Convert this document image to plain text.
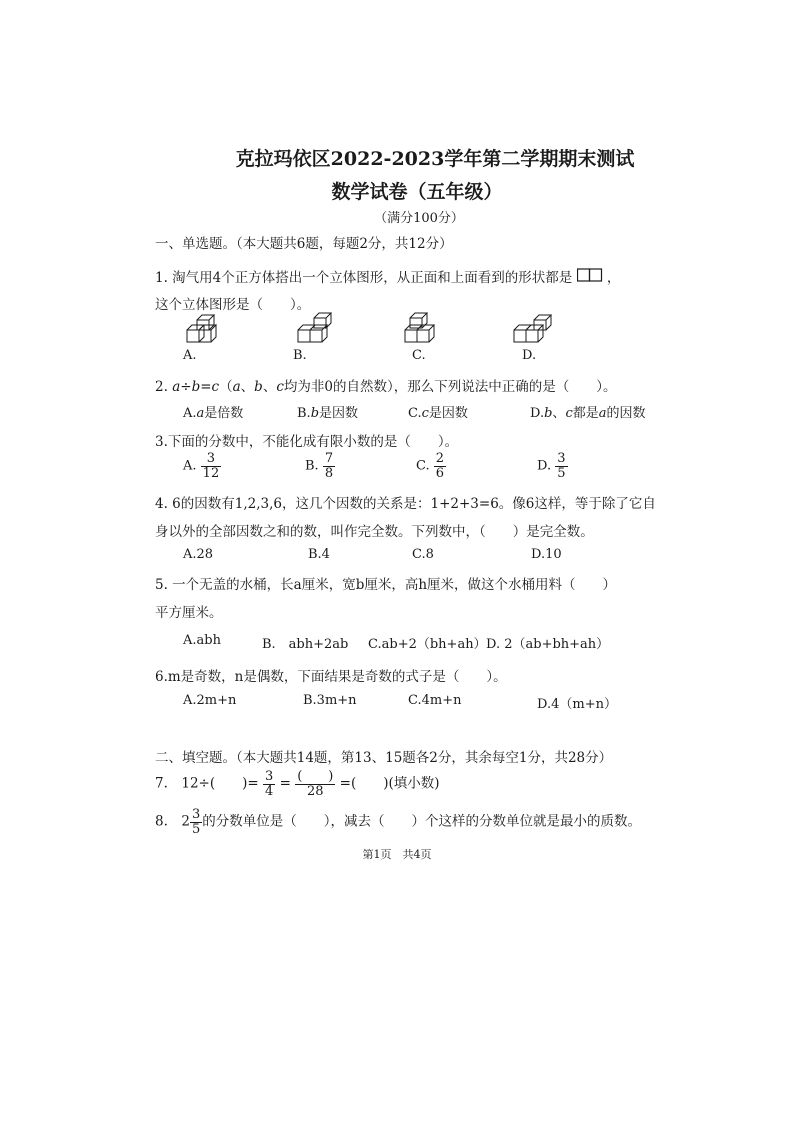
克拉玛依区2022-2023学年第二学期期末测试
数学试卷（五年级）
（满分100分）
一、单选题。（本大题共6题，每题2分，共12分）
1. 淘气用4个正方体搭出一个立体图形，从正面和上面看到的形状都是	，
这个立体图形是（　　）。
A.	B.	C.	D.
2. a÷b=c（a、b、c均为非0的自然数），那么下列说法中正确的是（　　）。
A.a是倍数	B.b是因数	C.c是因数	D.b、c都是a的因数
3.下面的分数中，不能化成有限小数的是（　　）。
A. $\frac{3}{12}$	B. $\frac{7}{8}$	C. $\frac{2}{6}$	D. $\frac{3}{5}$
4. 6的因数有1,2,3,6，这几个因数的关系是：1+2+3=6。像6这样，等于除了它自
身以外的全部因数之和的数，叫作完全数。下列数中，（　　）是完全数。
A.28	B.4	C.8	D.10
5. 一个无盖的水桶，长a厘米，宽b厘米，高h厘米，做这个水桶用料（　　）
平方厘米。
A.abh	B.　abh+2ab C.ab+2（bh+ah） D. 2（ab+bh+ah）
6.m是奇数，n是偶数，下面结果是奇数的式子是（　　）。
A.2m+n	B.3m+n	C.4m+n	D.4（m+n）
二、填空题。（本大题共14题，第13、15题各2分，其余每空1分，共28分）
7.　12÷(　　)= $\frac{3}{4} = \frac{( )}{28}$ =(　　)(填小数)
8.　$2 \frac{3}{5}$ 的分数单位是（　　），减去（　　）个这样的分数单位就是最小的质数。
第1页　共4页
